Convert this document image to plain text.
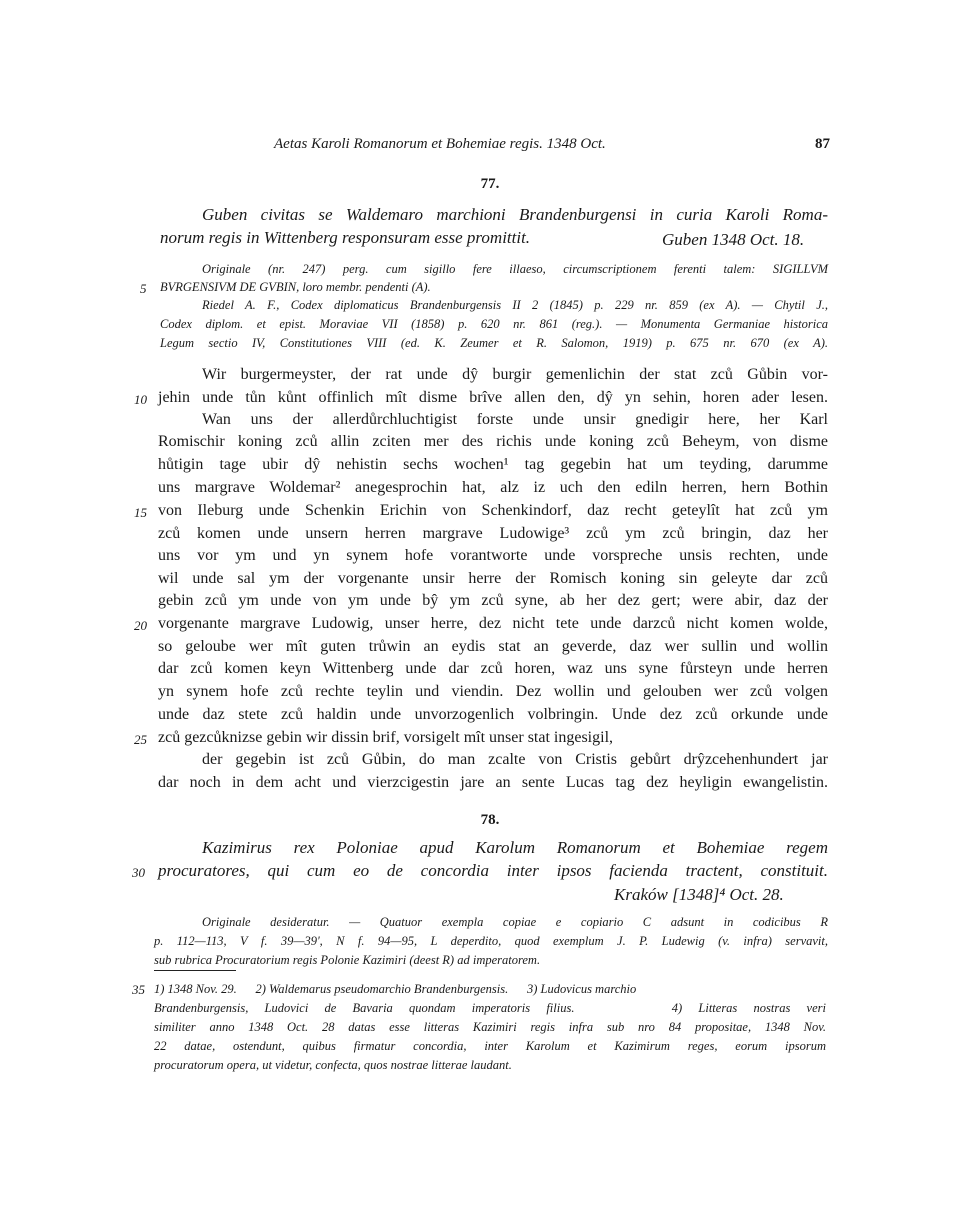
Aetas Karoli Romanorum et Bohemiae regis. 1348 Oct.	87
77.
Guben civitas se Waldemaro marchioni Brandenburgensi in curia Karoli Roma-
norum regis in Wittenberg responsuram esse promittit.	Guben 1348 Oct. 18.
Originale (nr. 247) perg. cum sigillo fere illaeso, circumscriptionem ferenti talem: SIGILLVM
BVRGENSIVM DE GVBIN, loro membr. pendenti (A).
Riedel A. F., Codex diplomaticus Brandenburgensis II 2 (1845) p. 229 nr. 859 (ex A). — Chytil J.,
Codex diplom. et epist. Moraviae VII (1858) p. 620 nr. 861 (reg.). — Monumenta Germaniae historica
Legum sectio IV, Constitutiones VIII (ed. K. Zeumer et R. Salomon, 1919) p. 675 nr. 670 (ex A).
Wir burgermeyster, der rat unde dŷ burgir gemenlichin der stat zců Gůbin vor-
jehin unde tůn kůnt offinlich mît disme brîve allen den, dŷ yn sehin, horen ader lesen.
Wan uns der allerdůrchluchtigist forste unde unsir gnedigir here, her Karl
Romischir koning zců allin zciten mer des richis unde koning zců Beheym, von disme
hůtigin tage ubir dŷ nehistin sechs wochen¹ tag gegebin hat um teyding, darumme
uns margrave Woldemar² anegesprochin hat, alz iz uch den ediln herren, hern Bothin
von Ileburg unde Schenkin Erichin von Schenkindorf, daz recht geteylît hat zců ym
zců komen unde unsern herren margrave Ludowige³ zců ym zců bringin, daz her
uns vor ym und yn synem hofe vorantworte unde vorspreche unsis rechten, unde
wil unde sal ym der vorgenante unsir herre der Romisch koning sin geleyte dar zců
gebin zců ym unde von ym unde bŷ ym zců syne, ab her dez gert; were abir, daz der
vorgenante margrave Ludowig, unser herre, dez nicht tete unde darzců nicht komen wolde,
so geloube wer mît guten trůwin an eydis stat an geverde, daz wer sullin und wollin
dar zců komen keyn Wittenberg unde dar zců horen, waz uns syne fůrsteyn unde herren
yn synem hofe zců rechte teylin und viendin. Dez wollin und gelouben wer zců volgen
unde daz stete zců haldin unde unvorzogenlich volbringin. Unde dez zců orkunde unde
zců gezcůknizse gebin wir dissin brif, vorsigelt mît unser stat ingesigil,
der gegebin ist zců Gůbin, do man zcalte von Cristis gebůrt drŷzcehenhundert jar
dar noch in dem acht und vierzcigestin jare an sente Lucas tag dez heyligin ewangelistin.
78.
Kazimirus rex Poloniae apud Karolum Romanorum et Bohemiae regem
procuratores, qui cum eo de concordia inter ipsos facienda tractent, constituit.
Kraków [1348]⁴ Oct. 28.
Originale desideratur. — Quatuor exempla copiae e copiario C adsunt in codicibus R
p. 112—113, V f. 39—39', N f. 94—95, L deperdito, quod exemplum J. P. Ludewig (v. infra) servavit,
sub rubrica Procuratorium regis Polonie Kazimiri (deest R) ad imperatorem.
1) 1348 Nov. 29.      2) Waldemarus pseudomarchio Brandenburgensis.      3) Ludovicus marchio
Brandenburgensis, Ludovici de Bavaria quondam imperatoris filius.      4) Litteras nostras veri
similiter anno 1348 Oct. 28 datas esse litteras Kazimiri regis infra sub nro 84 propositae, 1348 Nov.
22 datae, ostendunt, quibus firmatur concordia, inter Karolum et Kazimirum reges, eorum ipsorum
procuratorum opera, ut videtur, confecta, quos nostrae litterae laudant.
5
10
15
20
25
30
35
